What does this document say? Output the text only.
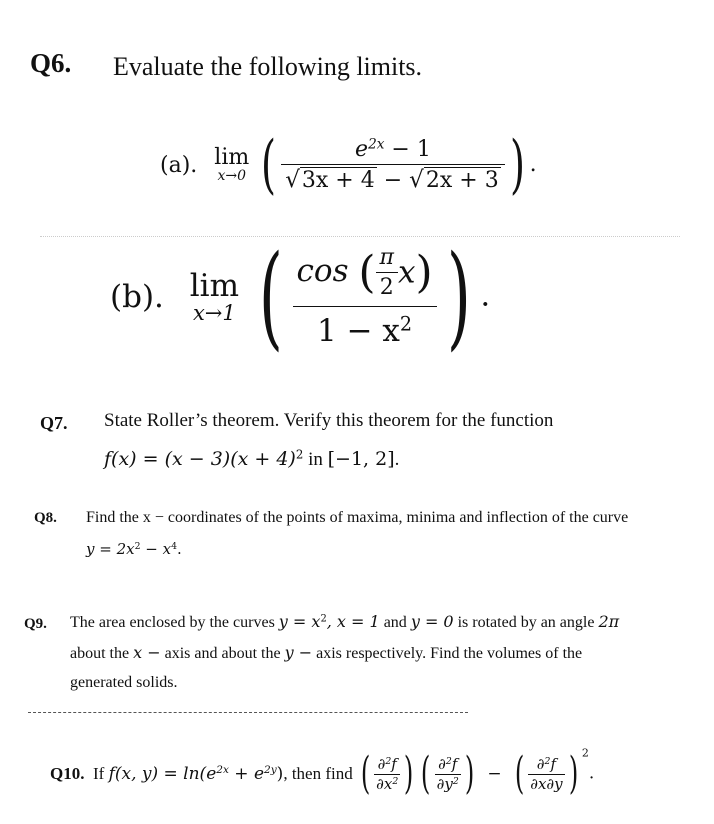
Q6. Evaluate the following limits.
(a). lim
x→0 ( $\frac{e^{2x} - 1}{√3x + 4 - √2x + 3}$ ) .
(b). lim
x→1 ( $\frac{\cos ( \frac{\pi}{2} x)}{1 - x^2}$ ) .
Q7. State Roller’s theorem. Verify this theorem for the function
$f(x) = (x - 3)(x + 4)^2$ in [−1, 2].
Q8. Find the x − coordinates of the points of maxima, minima and inflection of the curve
$y = 2x^2 - x^4$.
Q9. The area enclosed by the curves $y = x^2$, x = 1 and y = 0 is rotated by an angle 2π
about the x − axis and about the y − axis respectively. Find the volumes of the
generated solids.
Q10. If f(x, $y) = \ln(e^{2x} + e^{2y})$, then find ( $\frac{\partial^2f}{\partial x^2}$ ) ( $\frac{\partial^2f}{\partial y^2}$ ) − ( $\frac{\partial^2f}{\partial x\partial y}$ ) $^2$.
